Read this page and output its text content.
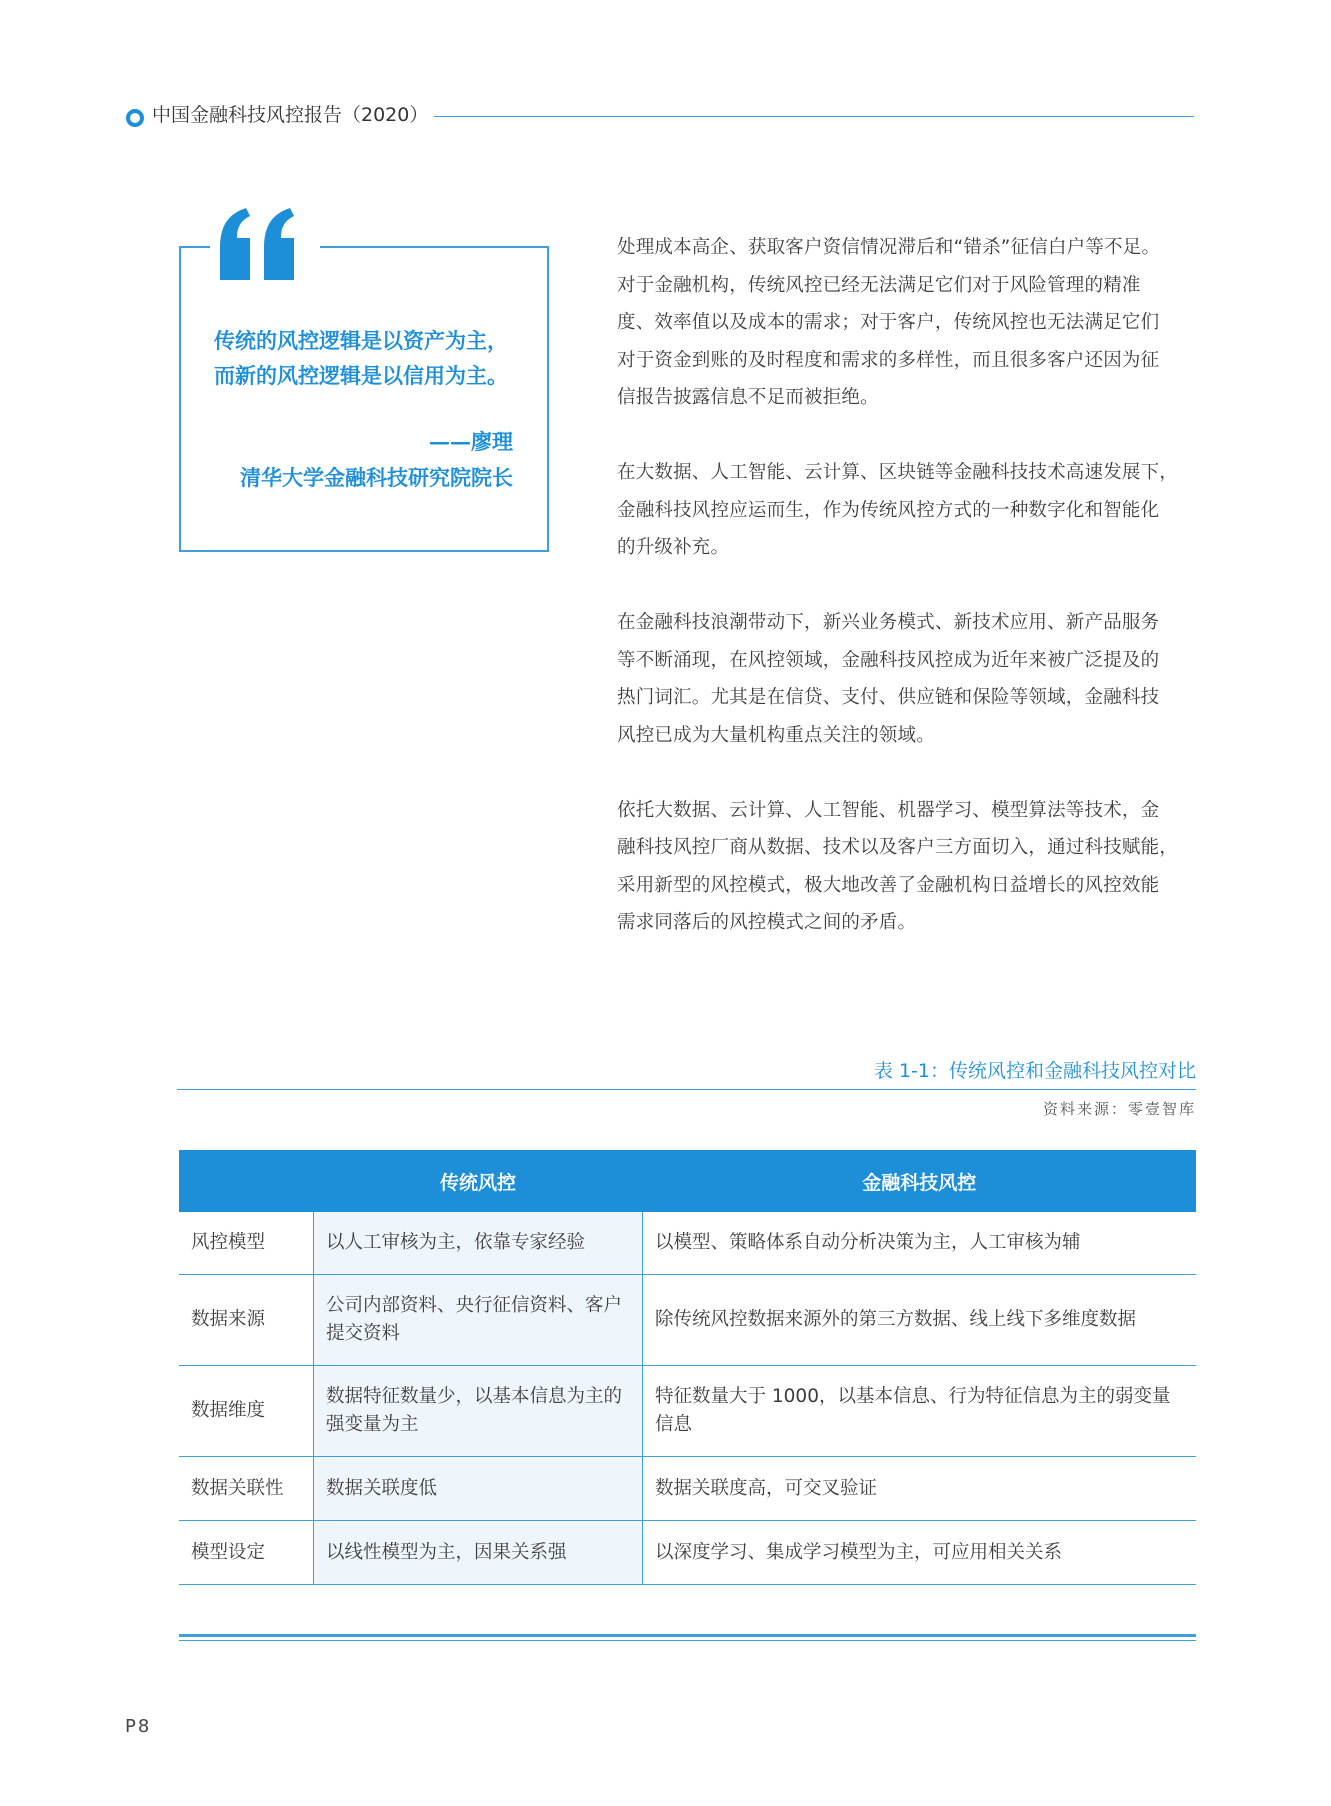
中国金融科技风控报告（2020）
传统的风控逻辑是以资产为主，
而新的风控逻辑是以信用为主。
——廖理
清华大学金融科技研究院院长

处理成本高企、获取客户资信情况滞后和“错杀”征信白户等不足。
对于金融机构，传统风控已经无法满足它们对于风险管理的精准
度、效率值以及成本的需求；对于客户，传统风控也无法满足它们
对于资金到账的及时程度和需求的多样性，而且很多客户还因为征
信报告披露信息不足而被拒绝。

在大数据、人工智能、云计算、区块链等金融科技技术高速发展下，
金融科技风控应运而生，作为传统风控方式的一种数字化和智能化
的升级补充。

在金融科技浪潮带动下，新兴业务模式、新技术应用、新产品服务
等不断涌现，在风控领域，金融科技风控成为近年来被广泛提及的
热门词汇。尤其是在信贷、支付、供应链和保险等领域，金融科技
风控已成为大量机构重点关注的领域。

依托大数据、云计算、人工智能、机器学习、模型算法等技术，金
融科技风控厂商从数据、技术以及客户三方面切入，通过科技赋能，
采用新型的风控模式，极大地改善了金融机构日益增长的风控效能
需求同落后的风控模式之间的矛盾。

表 1-1：传统风控和金融科技风控对比
资料来源：零壹智库
	传统风控	金融科技风控
风控模型	以人工审核为主，依靠专家经验	以模型、策略体系自动分析决策为主，人工审核为辅
数据来源	公司内部资料、央行征信资料、客户提交资料	除传统风控数据来源外的第三方数据、线上线下多维度数据
数据维度	数据特征数量少，以基本信息为主的强变量为主	特征数量大于 1000，以基本信息、行为特征信息为主的弱变量信息
数据关联性	数据关联度低	数据关联度高，可交叉验证
模型设定	以线性模型为主，因果关系强	以深度学习、集成学习模型为主，可应用相关关系
P8
